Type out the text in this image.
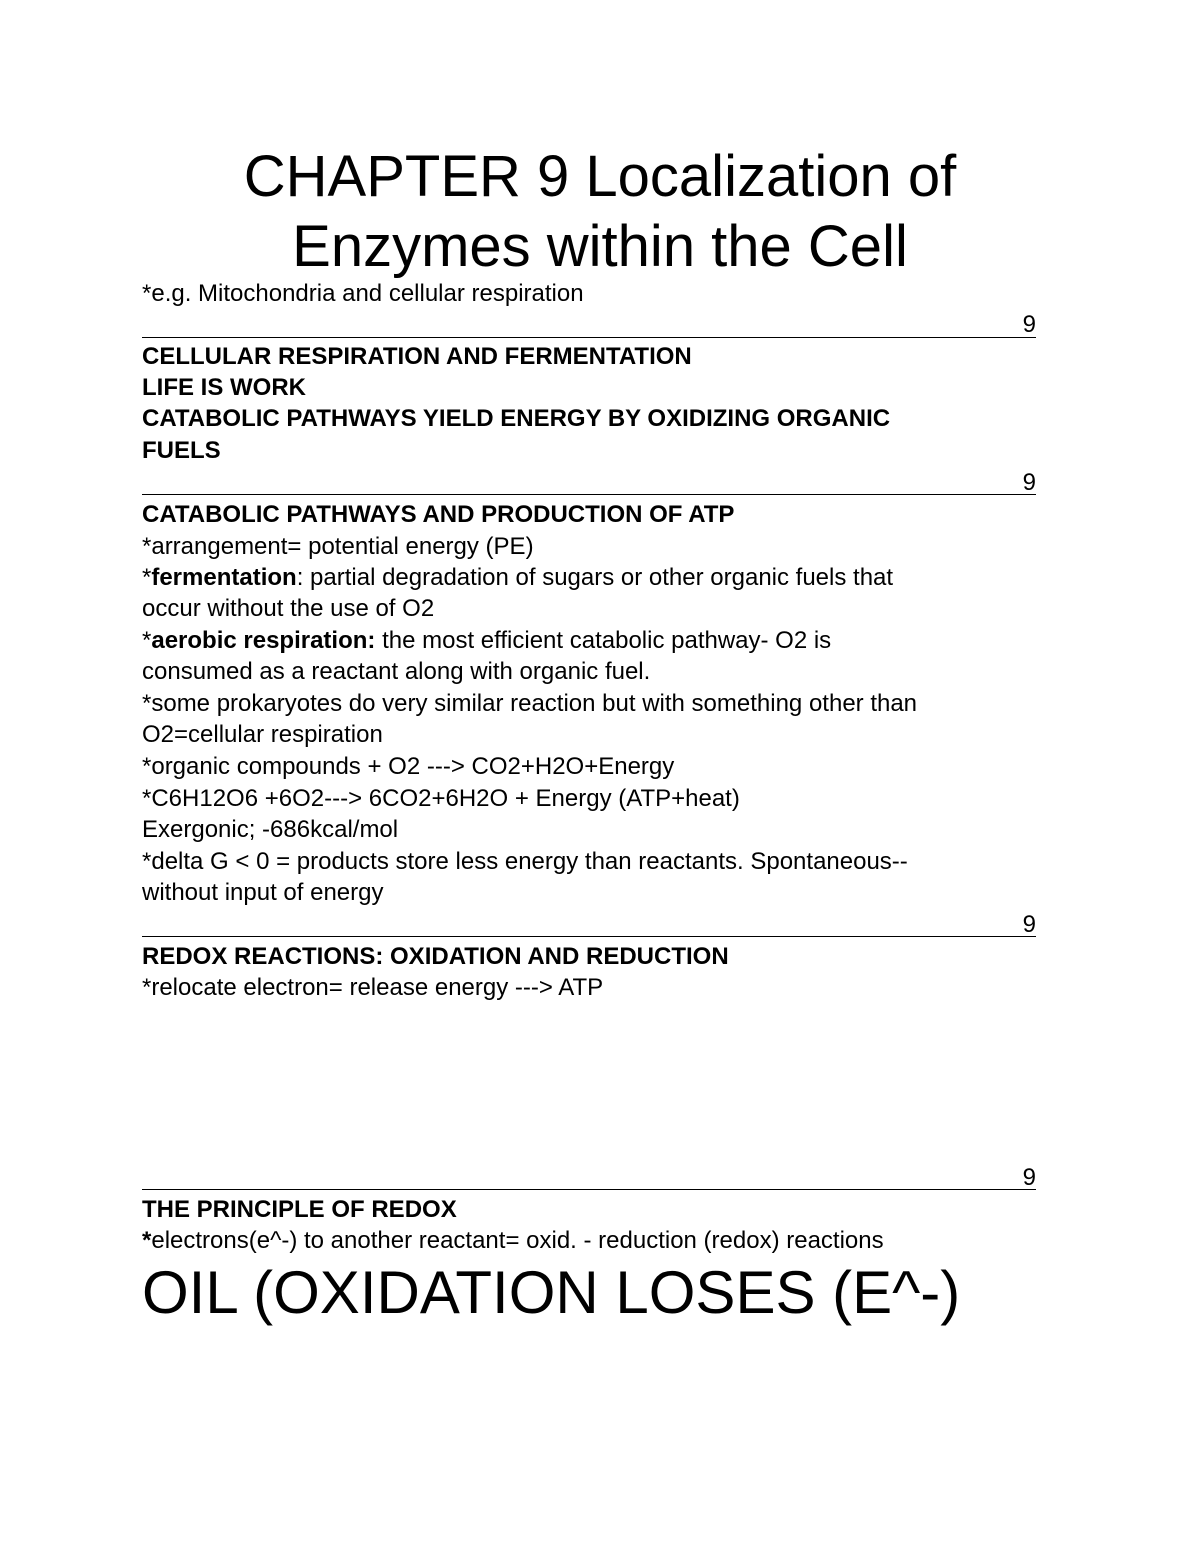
CHAPTER 9 Localization of
Enzymes within the Cell
*e.g. Mitochondria and cellular respiration
9
CELLULAR RESPIRATION AND FERMENTATION
LIFE IS WORK
CATABOLIC PATHWAYS YIELD ENERGY BY OXIDIZING ORGANIC
FUELS
9
CATABOLIC PATHWAYS AND PRODUCTION OF ATP
*arrangement= potential energy (PE)
*fermentation: partial degradation of sugars or other organic fuels that
occur without the use of O2
*aerobic respiration: the most efficient catabolic pathway- O2 is
consumed as a reactant along with organic fuel.
*some prokaryotes do very similar reaction but with something other than
O2=cellular respiration
*organic compounds + O2 ---> CO2+H2O+Energy
*C6H12O6 +6O2---> 6CO2+6H2O + Energy (ATP+heat)
Exergonic; -686kcal/mol
*delta G < 0 = products store less energy than reactants. Spontaneous--
without input of energy
9
REDOX REACTIONS: OXIDATION AND REDUCTION
*relocate electron= release energy ---> ATP
9
THE PRINCIPLE OF REDOX
*electrons(e^-) to another reactant= oxid. - reduction (redox) reactions
OIL (OXIDATION LOSES (E^-)
